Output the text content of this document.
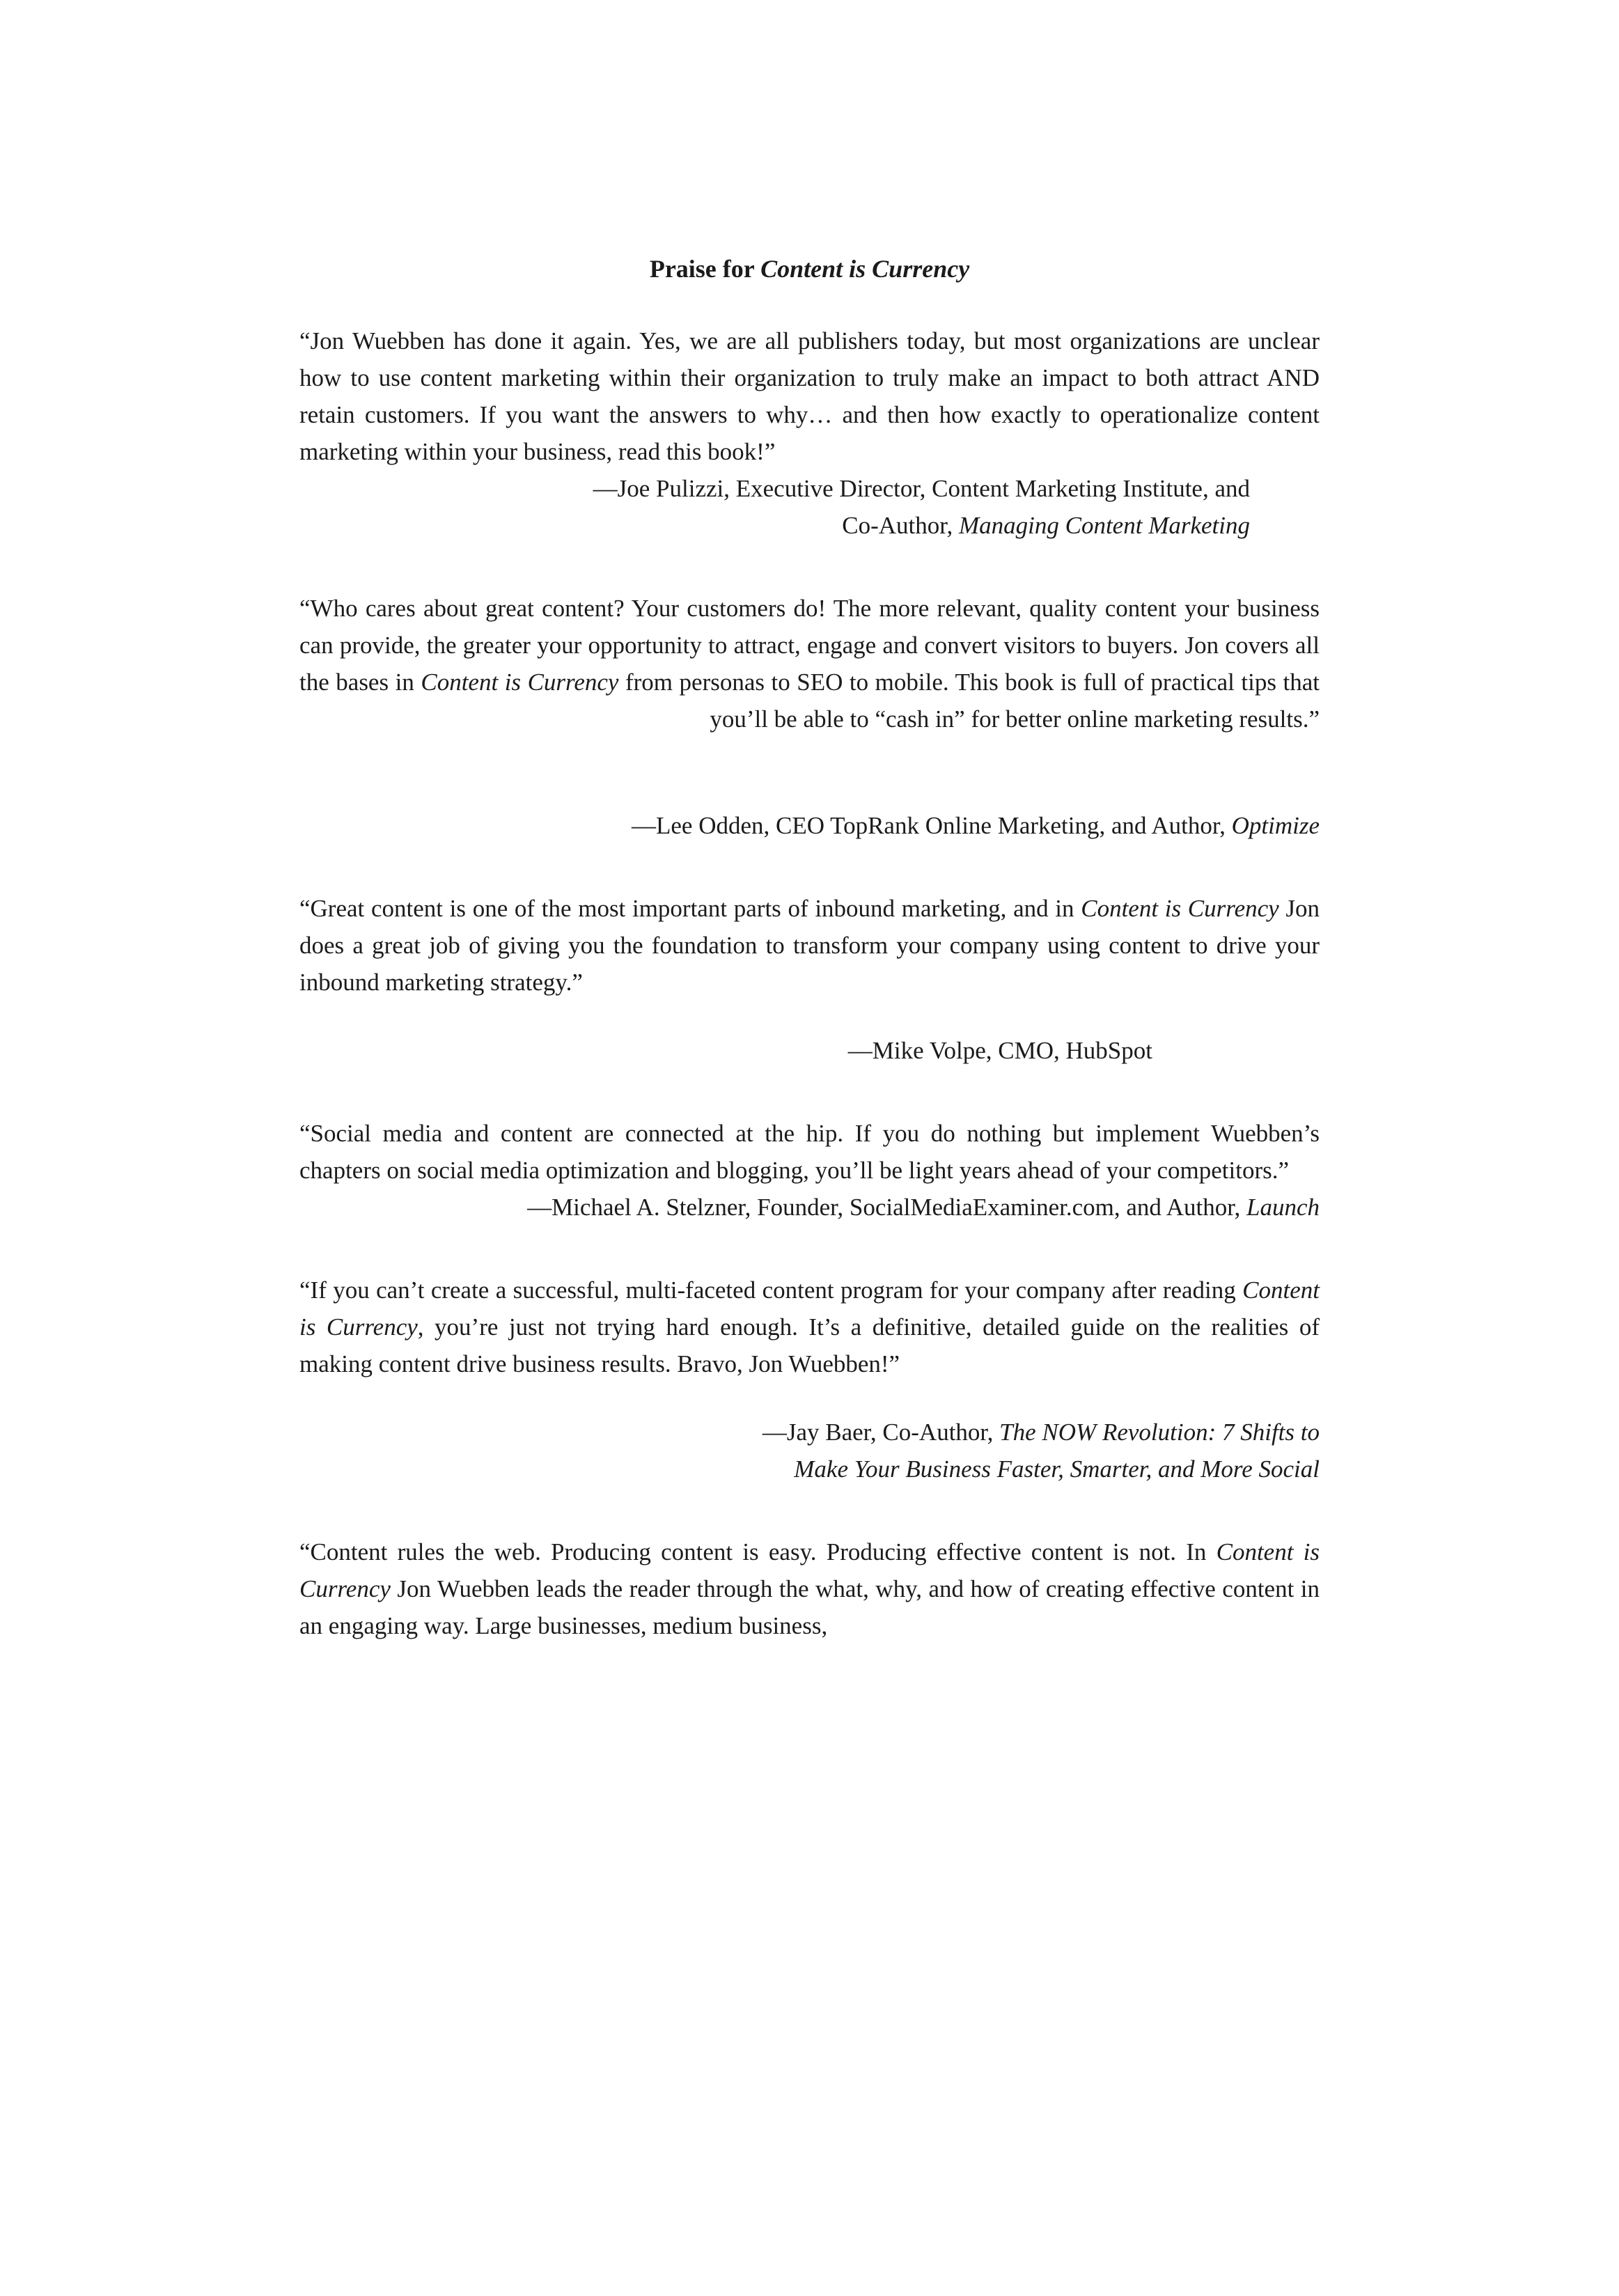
Praise for Content is Currency

“Jon Wuebben has done it again. Yes, we are all publishers today, but most organizations are unclear how to use content marketing within their organization to truly make an impact to both attract AND retain customers. If you want the answers to why… and then how exactly to operationalize content marketing within your business, read this book!”

—Joe Pulizzi, Executive Director, Content Marketing Institute, and

Co-Author, Managing Content Marketing

“Who cares about great content? Your customers do! The more relevant, quality content your business can provide, the greater your opportunity to attract, engage and convert visitors to buyers. Jon covers all the bases in Content is Currency from personas to SEO to mobile. This book is full of practical tips that you’ll be able to “cash in” for better online marketing results.”

—Lee Odden, CEO TopRank Online Marketing, and Author, Optimize

“Great content is one of the most important parts of inbound marketing, and in Content is Currency Jon does a great job of giving you the foundation to transform your company using content to drive your inbound marketing strategy.”

—Mike Volpe, CMO, HubSpot

“Social media and content are connected at the hip. If you do nothing but implement Wuebben’s chapters on social media optimization and blogging, you’ll be light years ahead of your competitors.”

—Michael A. Stelzner, Founder, SocialMediaExaminer.com, and Author, Launch

“If you can’t create a successful, multi-faceted content program for your company after reading Content is Currency, you’re just not trying hard enough. It’s a definitive, detailed guide on the realities of making content drive business results. Bravo, Jon Wuebben!”

—Jay Baer, Co-Author, The NOW Revolution: 7 Shifts to

Make Your Business Faster, Smarter, and More Social

“Content rules the web. Producing content is easy. Producing effective content is not. In Content is Currency Jon Wuebben leads the reader through the what, why, and how of creating effective content in an engaging way. Large businesses, medium business,
